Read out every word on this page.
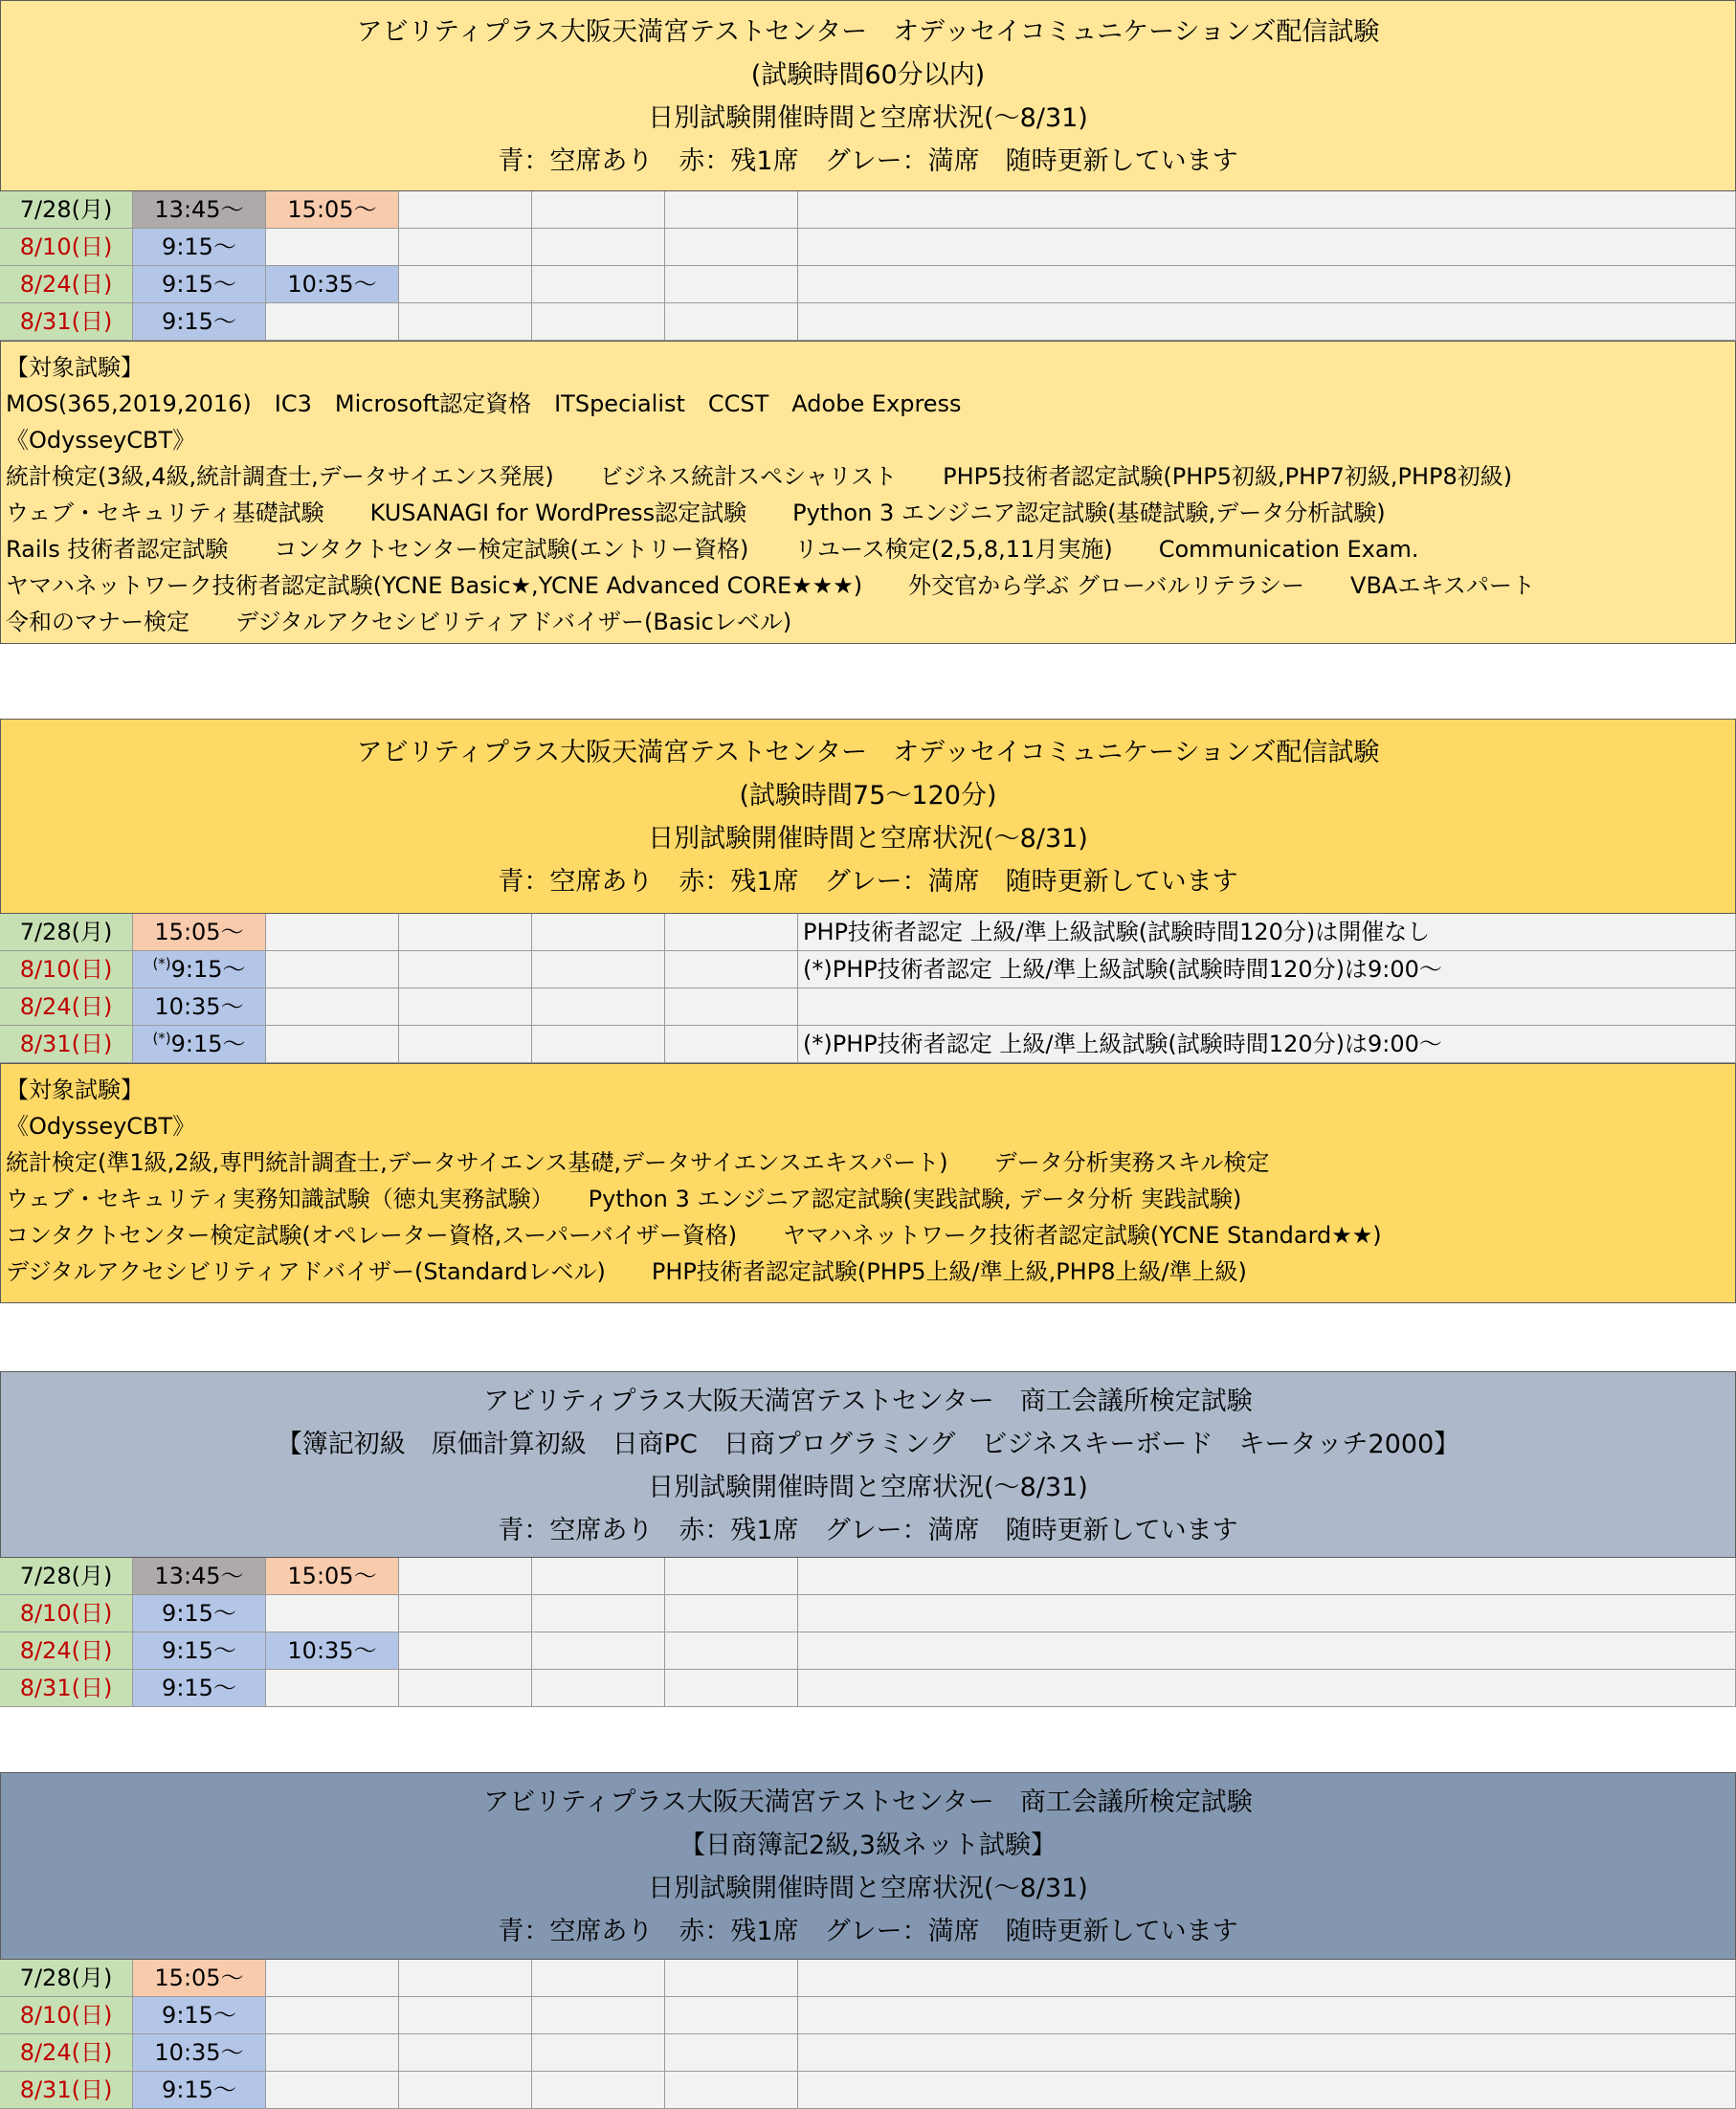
アビリティプラス大阪天満宮テストセンター　オデッセイコミュニケーションズ配信試験
(試験時間60分以内)
日別試験開催時間と空席状況(～8/31)
青：空席あり　赤：残1席　グレー：満席　随時更新しています
7/28(月)	13:45～	15:05～
8/10(日)	9:15～
8/24(日)	9:15～	10:35～
8/31(日)	9:15～
【対象試験】
MOS(365,2019,2016)　IC3　Microsoft認定資格　ITSpecialist　CCST　Adobe Express
《OdysseyCBT》
統計検定(3級,4級,統計調査士,データサイエンス発展)　　ビジネス統計スペシャリスト　　PHP5技術者認定試験(PHP5初級,PHP7初級,PHP8初級)
ウェブ・セキュリティ基礎試験　　KUSANAGI for WordPress認定試験　　Python 3 エンジニア認定試験(基礎試験,データ分析試験)
Rails 技術者認定試験　　コンタクトセンター検定試験(エントリー資格)　　リユース検定(2,5,8,11月実施)　　Communication Exam.
ヤマハネットワーク技術者認定試験(YCNE Basic★,YCNE Advanced CORE★★★)　　外交官から学ぶ グローバルリテラシー　　VBAエキスパート
令和のマナー検定　　デジタルアクセシビリティアドバイザー(Basicレベル)
アビリティプラス大阪天満宮テストセンター　オデッセイコミュニケーションズ配信試験
(試験時間75～120分)
日別試験開催時間と空席状況(～8/31)
青：空席あり　赤：残1席　グレー：満席　随時更新しています
7/28(月)	15:05～	PHP技術者認定 上級/準上級試験(試験時間120分)は開催なし
8/10(日)	(*)9:15～	(*)PHP技術者認定 上級/準上級試験(試験時間120分)は9:00～
8/24(日)	10:35～
8/31(日)	(*)9:15～	(*)PHP技術者認定 上級/準上級試験(試験時間120分)は9:00～
【対象試験】
《OdysseyCBT》
統計検定(準1級,2級,専門統計調査士,データサイエンス基礎,データサイエンスエキスパート)　　データ分析実務スキル検定
ウェブ・セキュリティ実務知識試験（徳丸実務試験）　　Python 3 エンジニア認定試験(実践試験, データ分析 実践試験)
コンタクトセンター検定試験(オペレーター資格,スーパーバイザー資格)　　ヤマハネットワーク技術者認定試験(YCNE Standard★★)
デジタルアクセシビリティアドバイザー(Standardレベル)　　PHP技術者認定試験(PHP5上級/準上級,PHP8上級/準上級)
アビリティプラス大阪天満宮テストセンター　商工会議所検定試験
【簿記初級　原価計算初級　日商PC　日商プログラミング　ビジネスキーボード　キータッチ2000】
日別試験開催時間と空席状況(～8/31)
青：空席あり　赤：残1席　グレー：満席　随時更新しています
7/28(月)	13:45～	15:05～
8/10(日)	9:15～
8/24(日)	9:15～	10:35～
8/31(日)	9:15～
アビリティプラス大阪天満宮テストセンター　商工会議所検定試験
【日商簿記2級,3級ネット試験】
日別試験開催時間と空席状況(～8/31)
青：空席あり　赤：残1席　グレー：満席　随時更新しています
7/28(月)	15:05～
8/10(日)	9:15～
8/24(日)	10:35～
8/31(日)	9:15～
